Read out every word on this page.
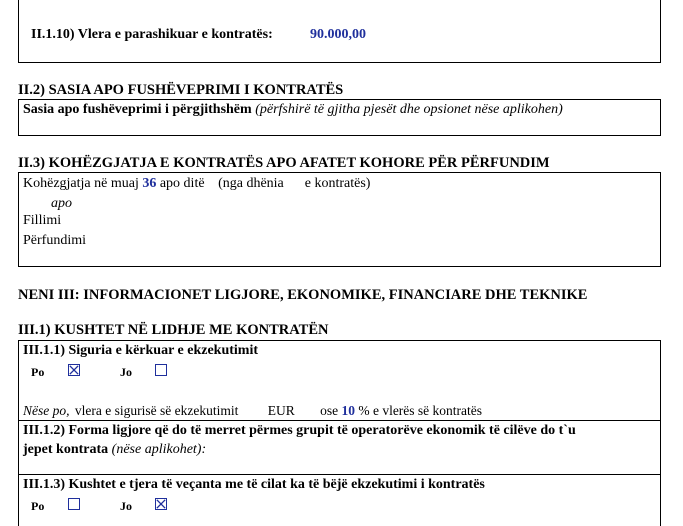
II.1.10) Vlera e parashikuar e kontratës:	90.000,00
II.2) SASIA APO FUSHËVEPRIMI I KONTRATËS
Sasia apo fushëveprimi i përgjithshëm (përfshirë të gjitha pjesët dhe opsionet nëse aplikohen)
II.3) KOHËZGJATJA E KONTRATËS APO AFATET KOHORE PËR PËRFUNDIM
Kohëzgjatja në muaj 36 apo ditë (nga dhënia      e kontratës)
apo
Fillimi
Përfundimi
NENI III: INFORMACIONET LIGJORE, EKONOMIKE, FINANCIARE DHE TEKNIKE
III.1) KUSHTET NË LIDHJE ME KONTRATËN
III.1.1) Siguria e kërkuar e ekzekutimit
Po	Jo
Nëse po, vlera e sigurisë së ekzekutimit EUR ose 10 % e vlerës së kontratës
III.1.2) Forma ligjore që do të merret përmes grupit të operatorëve ekonomik të cilëve do t`u
jepet kontrata (nëse aplikohet):
III.1.3) Kushtet e tjera të veçanta me të cilat ka të bëjë ekzekutimi i kontratës
Po	Jo
